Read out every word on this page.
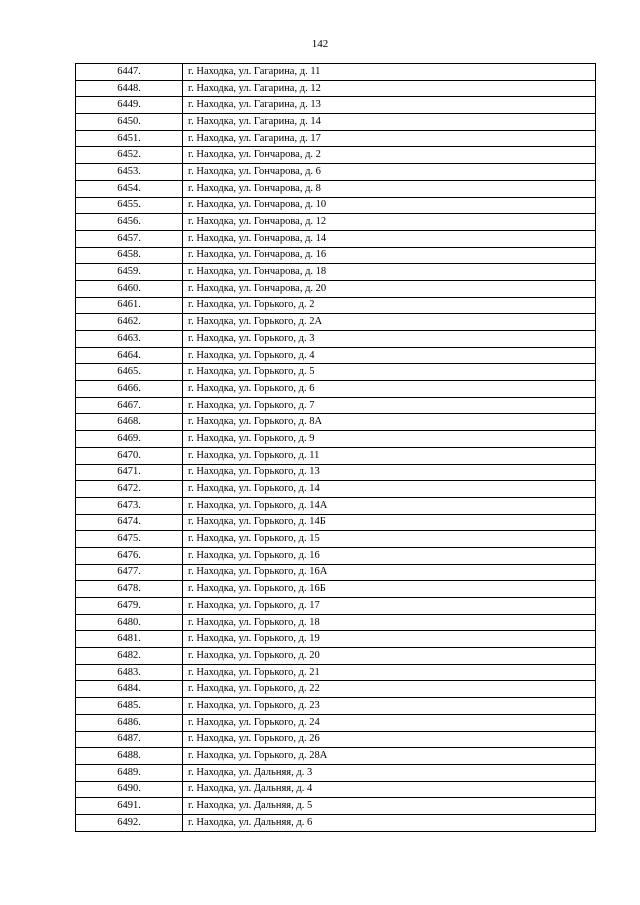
142
6447.	г. Находка, ул. Гагарина, д. 11
6448.	г. Находка, ул. Гагарина, д. 12
6449.	г. Находка, ул. Гагарина, д. 13
6450.	г. Находка, ул. Гагарина, д. 14
6451.	г. Находка, ул. Гагарина, д. 17
6452.	г. Находка, ул. Гончарова, д. 2
6453.	г. Находка, ул. Гончарова, д. 6
6454.	г. Находка, ул. Гончарова, д. 8
6455.	г. Находка, ул. Гончарова, д. 10
6456.	г. Находка, ул. Гончарова, д. 12
6457.	г. Находка, ул. Гончарова, д. 14
6458.	г. Находка, ул. Гончарова, д. 16
6459.	г. Находка, ул. Гончарова, д. 18
6460.	г. Находка, ул. Гончарова, д. 20
6461.	г. Находка, ул. Горького, д. 2
6462.	г. Находка, ул. Горького, д. 2А
6463.	г. Находка, ул. Горького, д. 3
6464.	г. Находка, ул. Горького, д. 4
6465.	г. Находка, ул. Горького, д. 5
6466.	г. Находка, ул. Горького, д. 6
6467.	г. Находка, ул. Горького, д. 7
6468.	г. Находка, ул. Горького, д. 8А
6469.	г. Находка, ул. Горького, д. 9
6470.	г. Находка, ул. Горького, д. 11
6471.	г. Находка, ул. Горького, д. 13
6472.	г. Находка, ул. Горького, д. 14
6473.	г. Находка, ул. Горького, д. 14А
6474.	г. Находка, ул. Горького, д. 14Б
6475.	г. Находка, ул. Горького, д. 15
6476.	г. Находка, ул. Горького, д. 16
6477.	г. Находка, ул. Горького, д. 16А
6478.	г. Находка, ул. Горького, д. 16Б
6479.	г. Находка, ул. Горького, д. 17
6480.	г. Находка, ул. Горького, д. 18
6481.	г. Находка, ул. Горького, д. 19
6482.	г. Находка, ул. Горького, д. 20
6483.	г. Находка, ул. Горького, д. 21
6484.	г. Находка, ул. Горького, д. 22
6485.	г. Находка, ул. Горького, д. 23
6486.	г. Находка, ул. Горького, д. 24
6487.	г. Находка, ул. Горького, д. 26
6488.	г. Находка, ул. Горького, д. 28А
6489.	г. Находка, ул. Дальняя, д. 3
6490.	г. Находка, ул. Дальняя, д. 4
6491.	г. Находка, ул. Дальняя, д. 5
6492.	г. Находка, ул. Дальняя, д. 6
